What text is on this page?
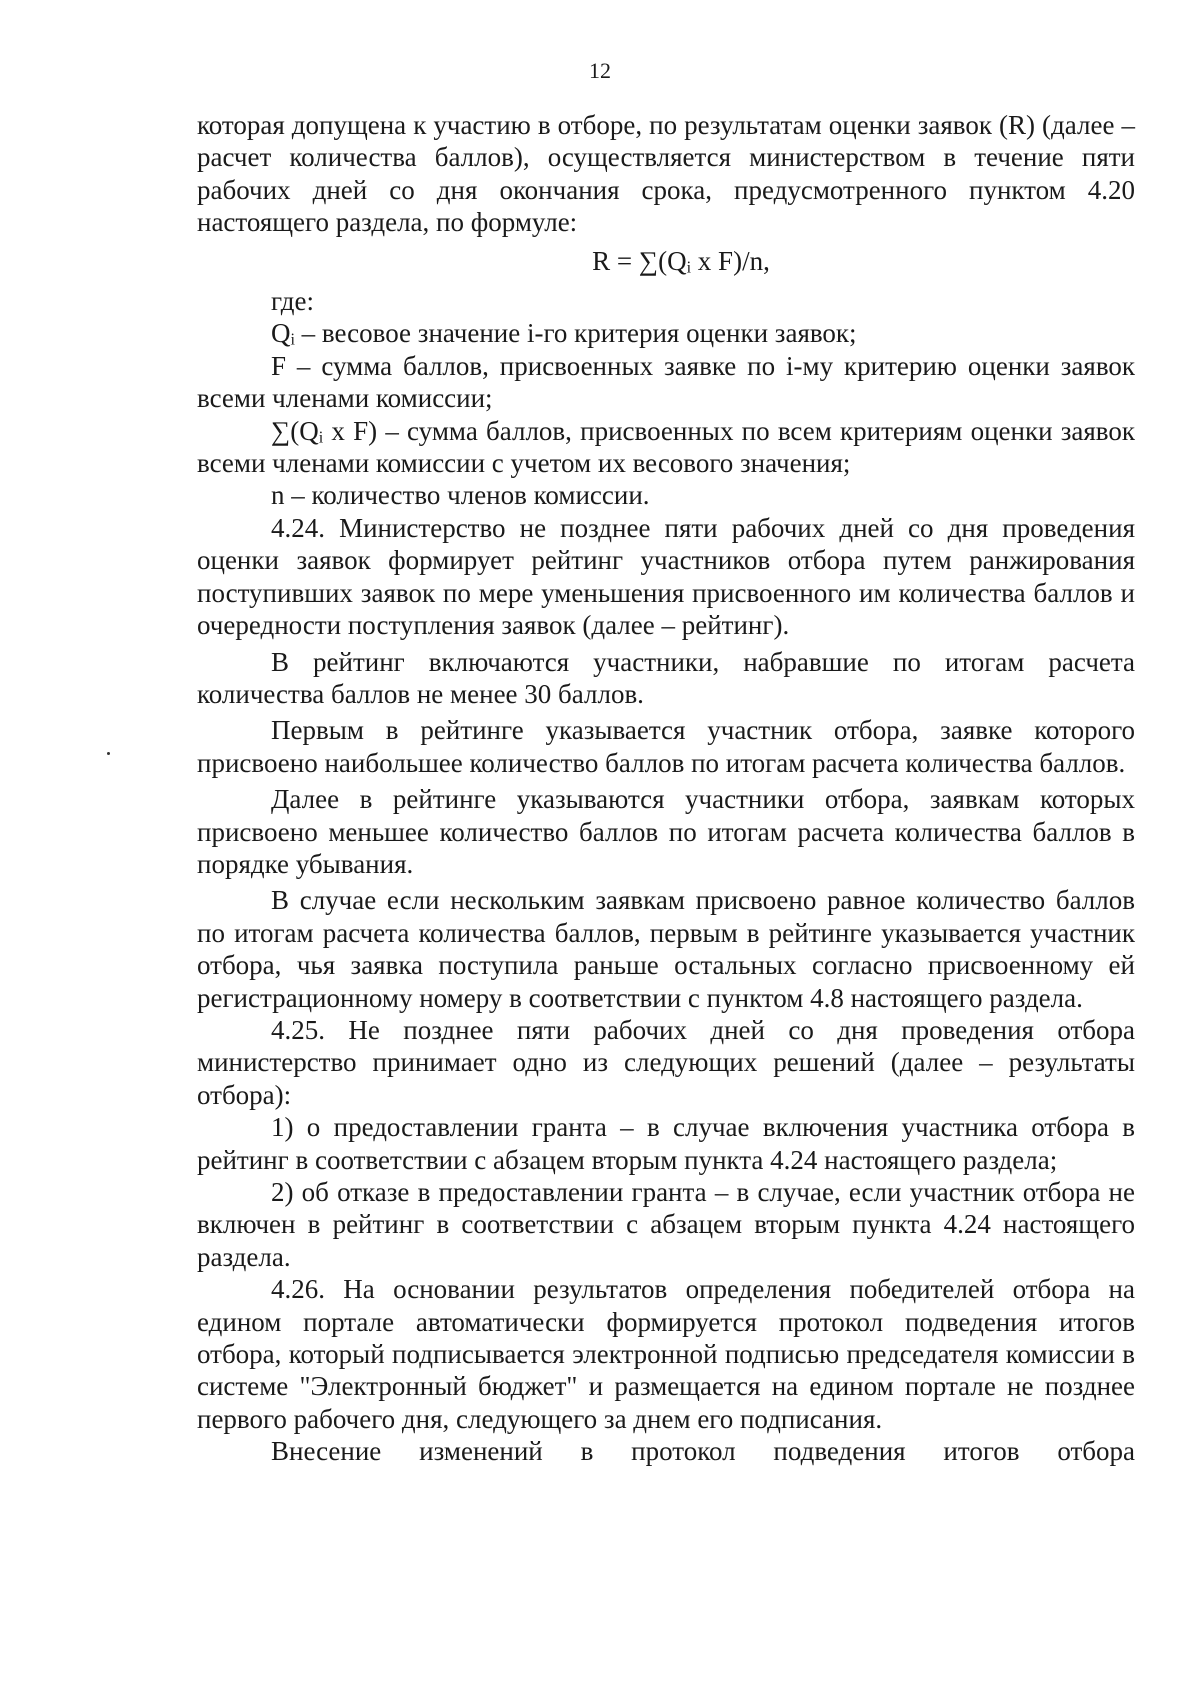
12

которая допущена к участию в отборе, по результатам оценки заявок (R) (далее – расчет количества баллов), осуществляется министерством в течение пяти рабочих дней со дня окончания срока, предусмотренного пунктом 4.20 настоящего раздела, по формуле:

R = ∑(Qᵢ x F)/n,

где:

Qᵢ – весовое значение i-го критерия оценки заявок;

F – сумма баллов, присвоенных заявке по i-му критерию оценки заявок всеми членами комиссии;

∑(Qᵢ x F) – сумма баллов, присвоенных по всем критериям оценки заявок всеми членами комиссии с учетом их весового значения;

n – количество членов комиссии.

4.24. Министерство не позднее пяти рабочих дней со дня проведения оценки заявок формирует рейтинг участников отбора путем ранжирования поступивших заявок по мере уменьшения присвоенного им количества баллов и очередности поступления заявок (далее – рейтинг).

В рейтинг включаются участники, набравшие по итогам расчета количества баллов не менее 30 баллов.

Первым в рейтинге указывается участник отбора, заявке которого присвоено наибольшее количество баллов по итогам расчета количества баллов.

Далее в рейтинге указываются участники отбора, заявкам которых присвоено меньшее количество баллов по итогам расчета количества баллов в порядке убывания.

В случае если нескольким заявкам присвоено равное количество баллов по итогам расчета количества баллов, первым в рейтинге указывается участник отбора, чья заявка поступила раньше остальных согласно присвоенному ей регистрационному номеру в соответствии с пунктом 4.8 настоящего раздела.

4.25. Не позднее пяти рабочих дней со дня проведения отбора министерство принимает одно из следующих решений (далее – результаты отбора):

1) о предоставлении гранта – в случае включения участника отбора в рейтинг в соответствии с абзацем вторым пункта 4.24 настоящего раздела;

2) об отказе в предоставлении гранта – в случае, если участник отбора не включен в рейтинг в соответствии с абзацем вторым пункта 4.24 настоящего раздела.

4.26. На основании результатов определения победителей отбора на едином портале автоматически формируется протокол подведения итогов отбора, который подписывается электронной подписью председателя комиссии в системе "Электронный бюджет" и размещается на едином портале не позднее первого рабочего дня, следующего за днем его подписания.

Внесение изменений в протокол подведения итогов отбора
